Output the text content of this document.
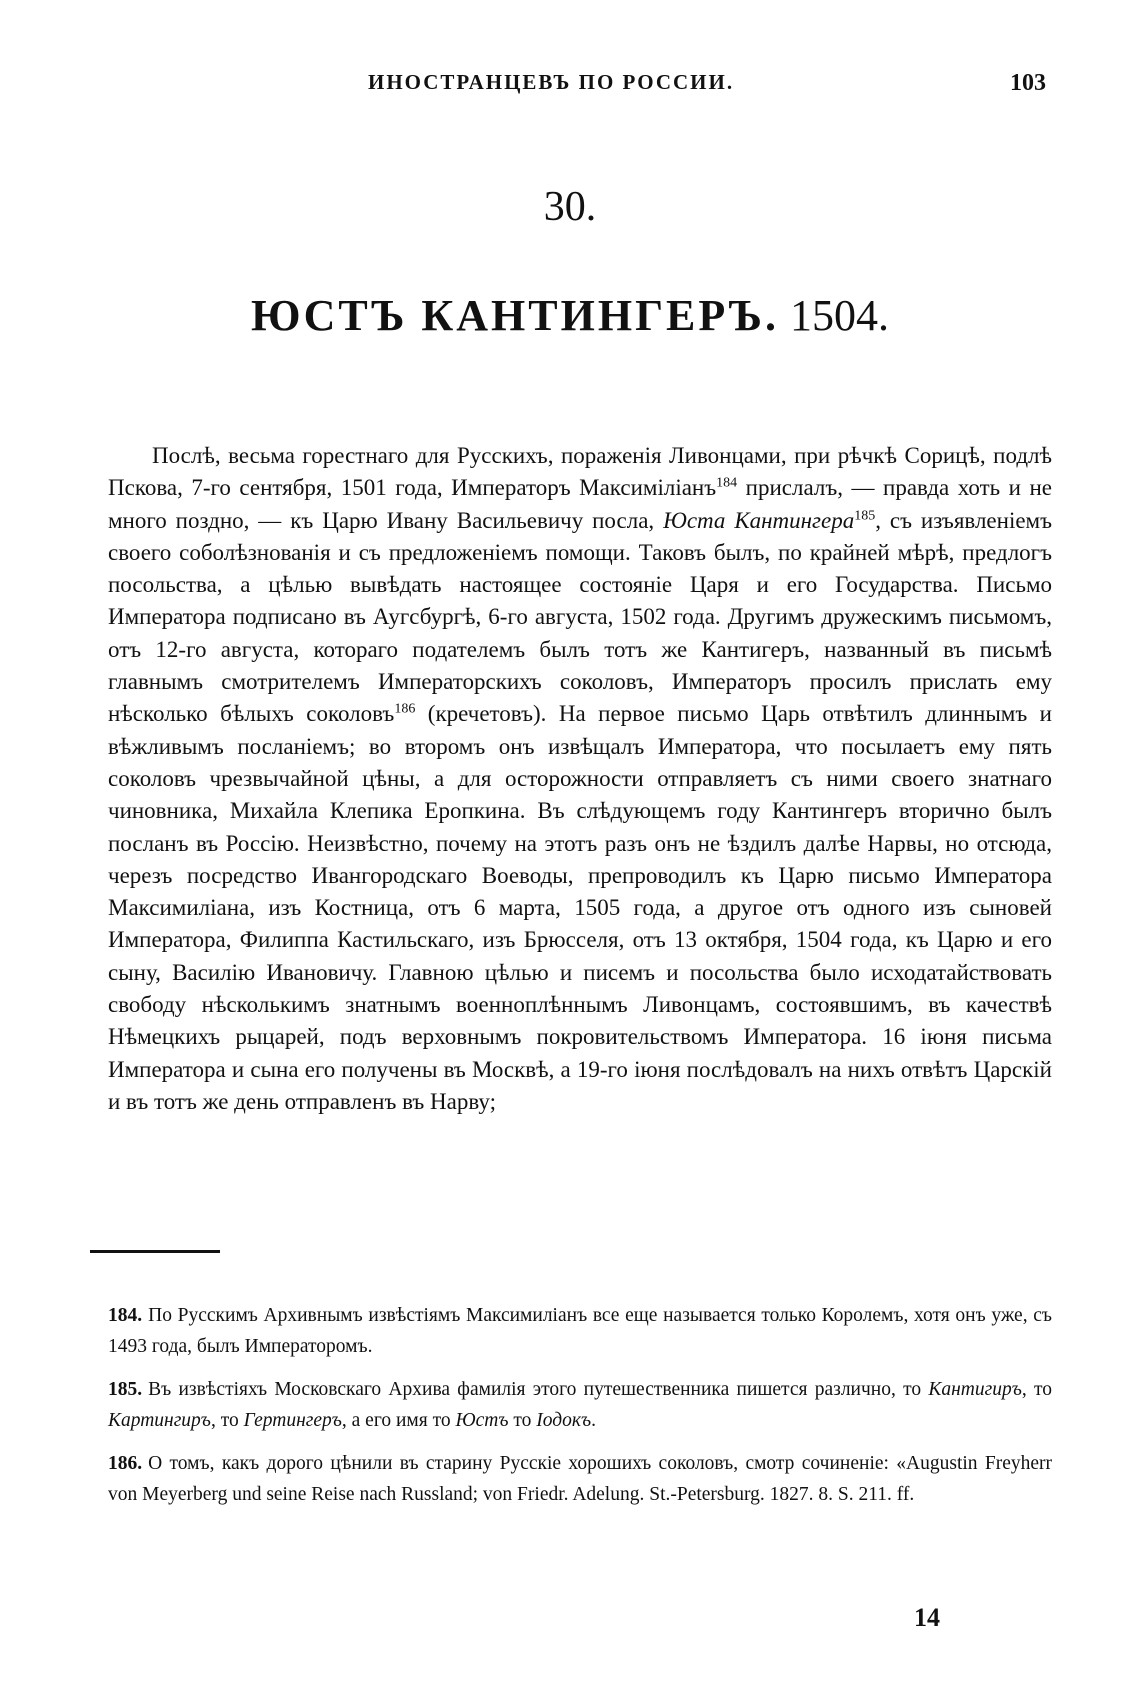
ИНОСТРАНЦЕВЪ ПО РОССИИ.	103
30.
ЮСТЪ КАНТИНГЕРЪ. 1504.

Послѣ, весьма горестнаго для Русскихъ, пораженія Ливонцами, при рѣчкѣ Сорицѣ, подлѣ Пскова, 7-го сентября, 1501 года, Императоръ Максиміліанъ$^{184}$ прислалъ, — правда хоть и не много поздно, — къ Царю Ивану Васильевичу посла, Юста Кантингера$^{185}$, съ изъявленіемъ своего соболѣзнованія и съ предложеніемъ помощи. Таковъ былъ, по крайней мѣрѣ, предлогъ посольства, а цѣлью вывѣдать настоящее состояніе Царя и его Государства. Письмо Императора подписано въ Аугсбургѣ, 6-го августа, 1502 года. Другимъ дружескимъ письмомъ, отъ 12-го августа, котораго подателемъ былъ тотъ же Кантигеръ, названный въ письмѣ главнымъ смотрителемъ Императорскихъ соколовъ, Императоръ просилъ прислать ему нѣсколько бѣлыхъ соколовъ$^{186}$ (кречетовъ). На первое письмо Царь отвѣтилъ длиннымъ и вѣжливымъ посланіемъ; во второмъ онъ извѣщалъ Императора, что посылаетъ ему пять соколовъ чрезвычайной цѣны, а для осторожности отправляетъ съ ними своего знатнаго чиновника, Михайла Клепика Еропкина. Въ слѣдующемъ году Кантингеръ вторично былъ посланъ въ Россію. Неизвѣстно, почему на этотъ разъ онъ не ѣздилъ далѣе Нарвы, но отсюда, черезъ посредство Ивангородскаго Воеводы, препроводилъ къ Царю письмо Императора Максимиліана, изъ Костница, отъ 6 марта, 1505 года, а другое отъ одного изъ сыновей Императора, Филиппа Кастильскаго, изъ Брюсселя, отъ 13 октября, 1504 года, къ Царю и его сыну, Василію Ивановичу. Главною цѣлью и писемъ и посольства было исходатайствовать свободу нѣсколькимъ знатнымъ военноплѣннымъ Ливонцамъ, состоявшимъ, въ качествѣ Нѣмецкихъ рыцарей, подъ верховнымъ покровительствомъ Императора. 16 іюня письма Императора и сына его получены въ Москвѣ, а 19-го іюня послѣдовалъ на нихъ отвѣтъ Царскій и въ тотъ же день отправленъ въ Нарву;

184. По Русскимъ Архивнымъ извѣстіямъ Максимиліанъ все еще называется только Королемъ, хотя онъ уже, съ 1493 года, былъ Императоромъ.

185. Въ извѣстіяхъ Московскаго Архива фамилія этого путешественника пишется различно, то Кантигиръ, то Картингиръ, то Гертингеръ, а его имя то Юстъ то Іодокъ.

186. О томъ, какъ дорого цѣнили въ старину Русскіе хорошихъ соколовъ, смотр сочиненіе: «Augustin Freyherr von Meyerberg und seine Reise nach Russland; von Friedr. Adelung. St.-Petersburg. 1827. 8. S. 211. ff.

14
